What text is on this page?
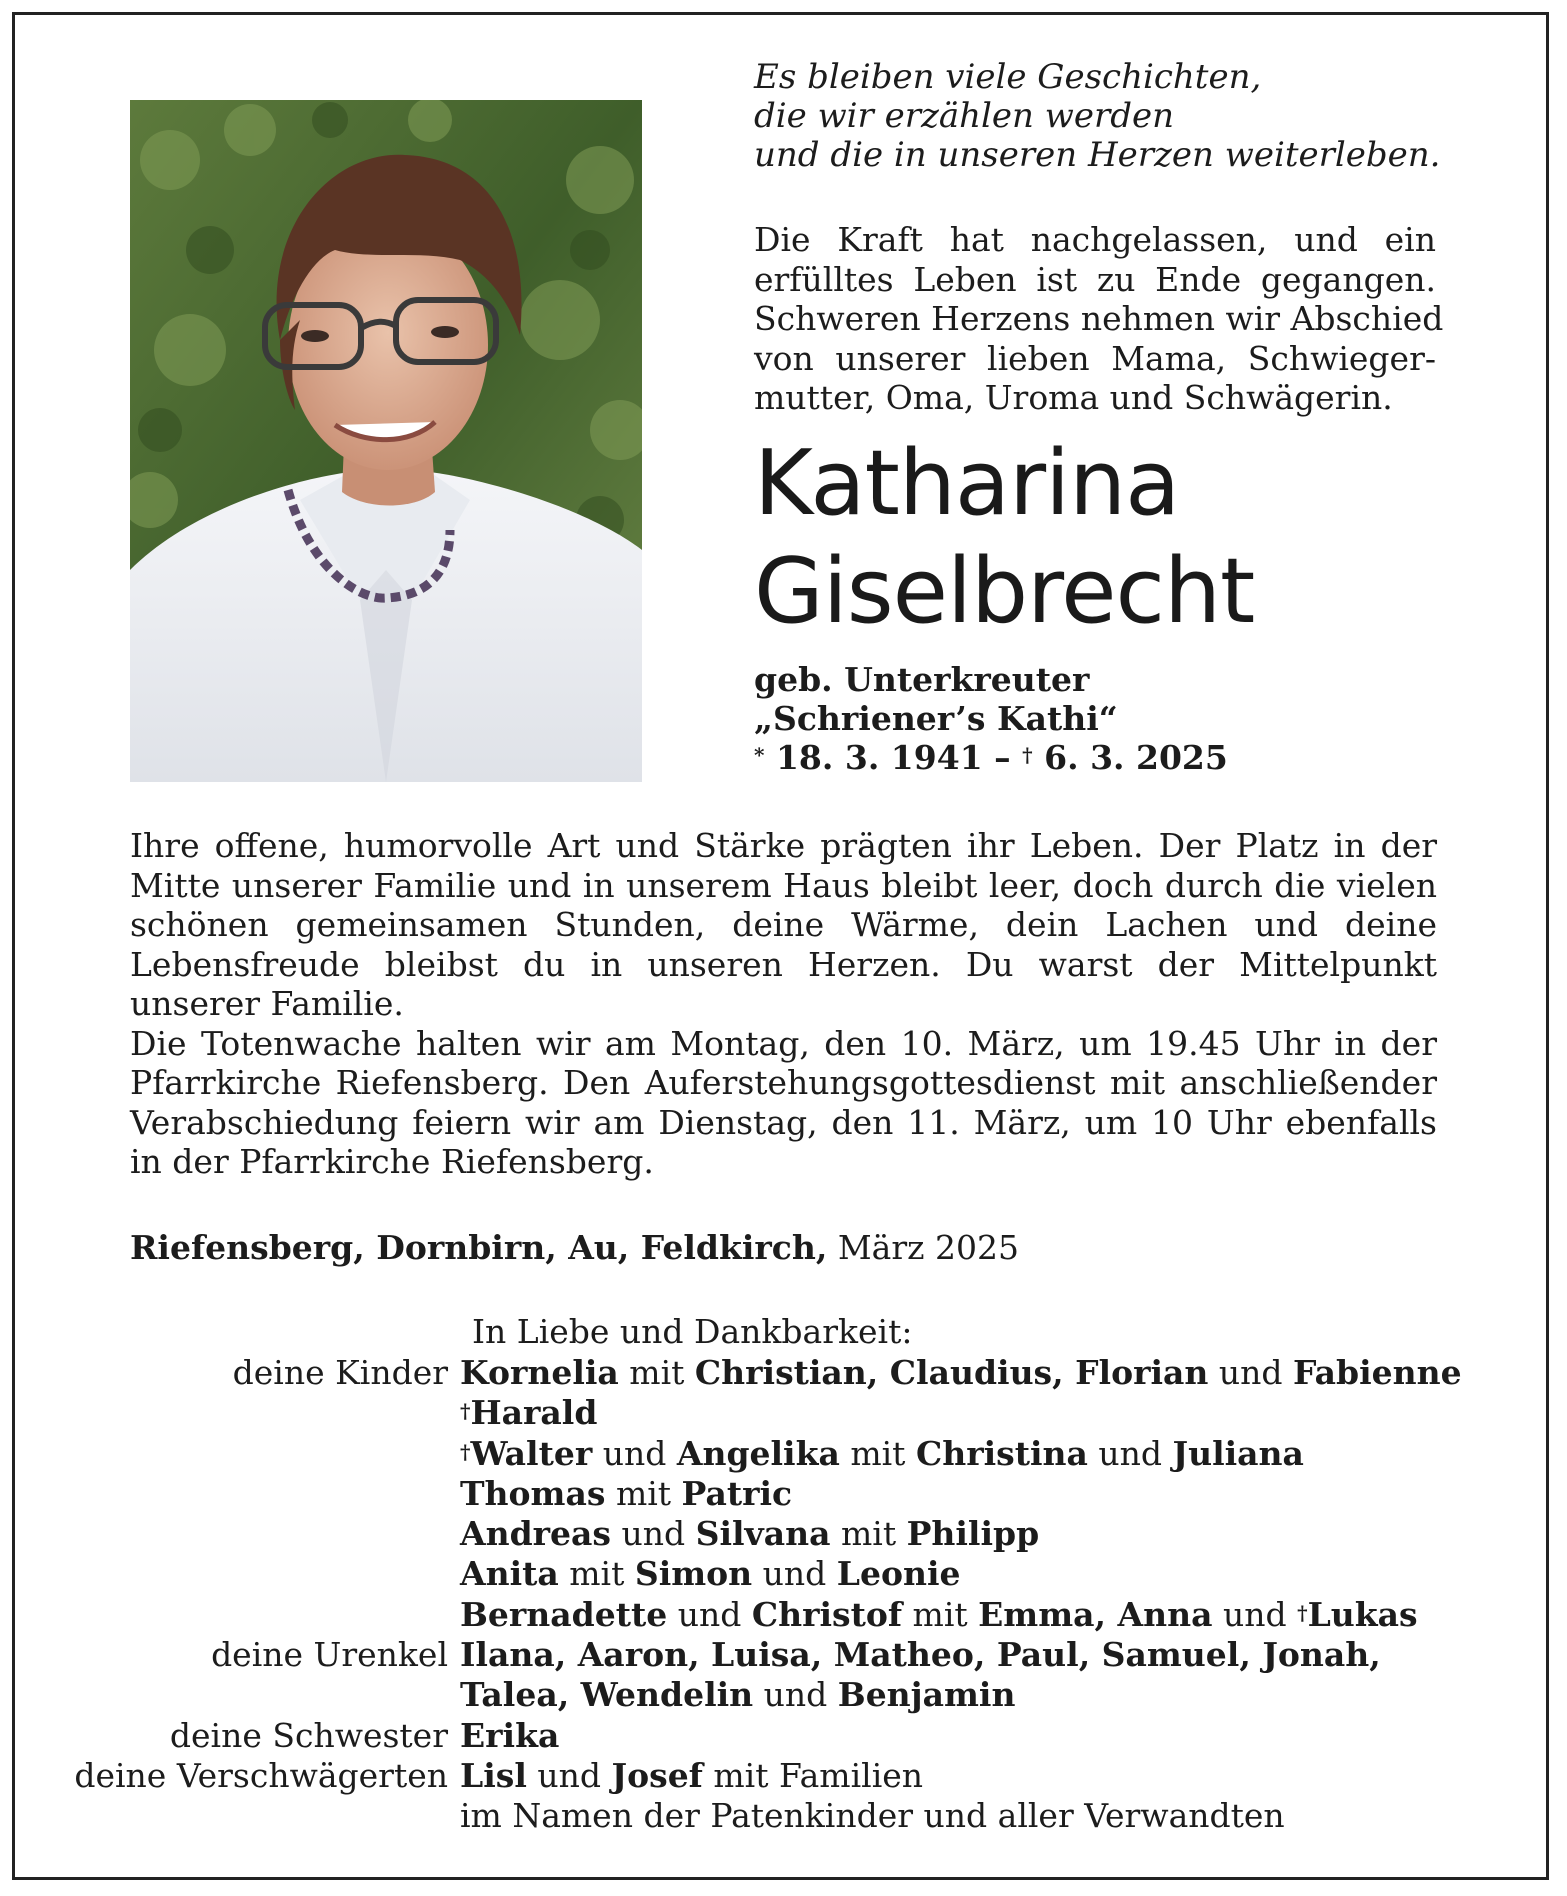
Es bleiben viele Geschichten,
die wir erzählen werden
und die in unseren Herzen weiterleben.
Die Kraft hat nachgelassen, und ein
erfülltes Leben ist zu Ende gegangen.
Schweren Herzens nehmen wir Abschied
von unserer lieben Mama, Schwieger-
mutter, Oma, Uroma und Schwägerin.
Katharina
Giselbrecht
geb. Unterkreuter
„Schriener’s Kathi“
* 18. 3. 1941 – † 6. 3. 2025
Ihre offene, humorvolle Art und Stärke prägten ihr Leben. Der Platz in der Mitte unserer Familie und in unserem Haus bleibt leer, doch durch die vielen schönen gemeinsamen Stunden, deine Wärme, dein Lachen und deine Lebensfreude bleibst du in unseren Herzen. Du warst der Mittelpunkt unserer Familie.
Die Totenwache halten wir am Montag, den 10. März, um 19.45 Uhr in der Pfarrkirche Riefensberg. Den Auferstehungsgottesdienst mit anschließender Verabschiedung feiern wir am Dienstag, den 11. März, um 10 Uhr ebenfalls in der Pfarrkirche Riefensberg.
Riefensberg, Dornbirn, Au, Feldkirch, März 2025
In Liebe und Dankbarkeit:
deine Kinder Kornelia mit Christian, Claudius, Florian und Fabienne
†Harald
†Walter und Angelika mit Christina und Juliana
Thomas mit Patric
Andreas und Silvana mit Philipp
Anita mit Simon und Leonie
Bernadette und Christof mit Emma, Anna und †Lukas
deine Urenkel Ilana, Aaron, Luisa, Matheo, Paul, Samuel, Jonah,
Talea, Wendelin und Benjamin
deine Schwester Erika
deine Verschwägerten Lisl und Josef mit Familien
im Namen der Patenkinder und aller Verwandten
